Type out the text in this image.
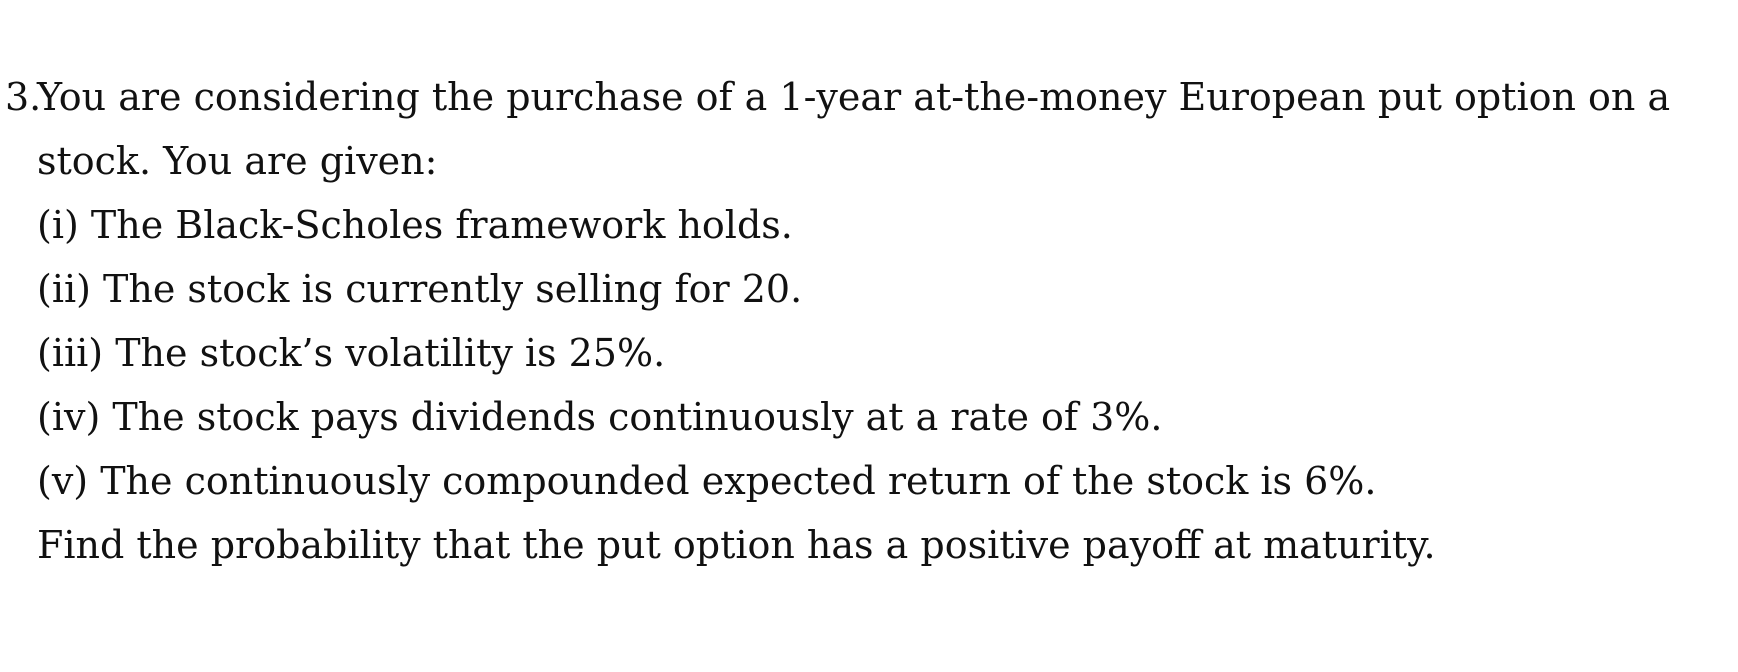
3.
You are considering the purchase of a 1-year at-the-money European put option on a
stock. You are given:
(i) The Black-Scholes framework holds.
(ii) The stock is currently selling for 20.
(iii) The stock’s volatility is 25%.
(iv) The stock pays dividends continuously at a rate of 3%.
(v) The continuously compounded expected return of the stock is 6%.
Find the probability that the put option has a positive payoff at maturity.
